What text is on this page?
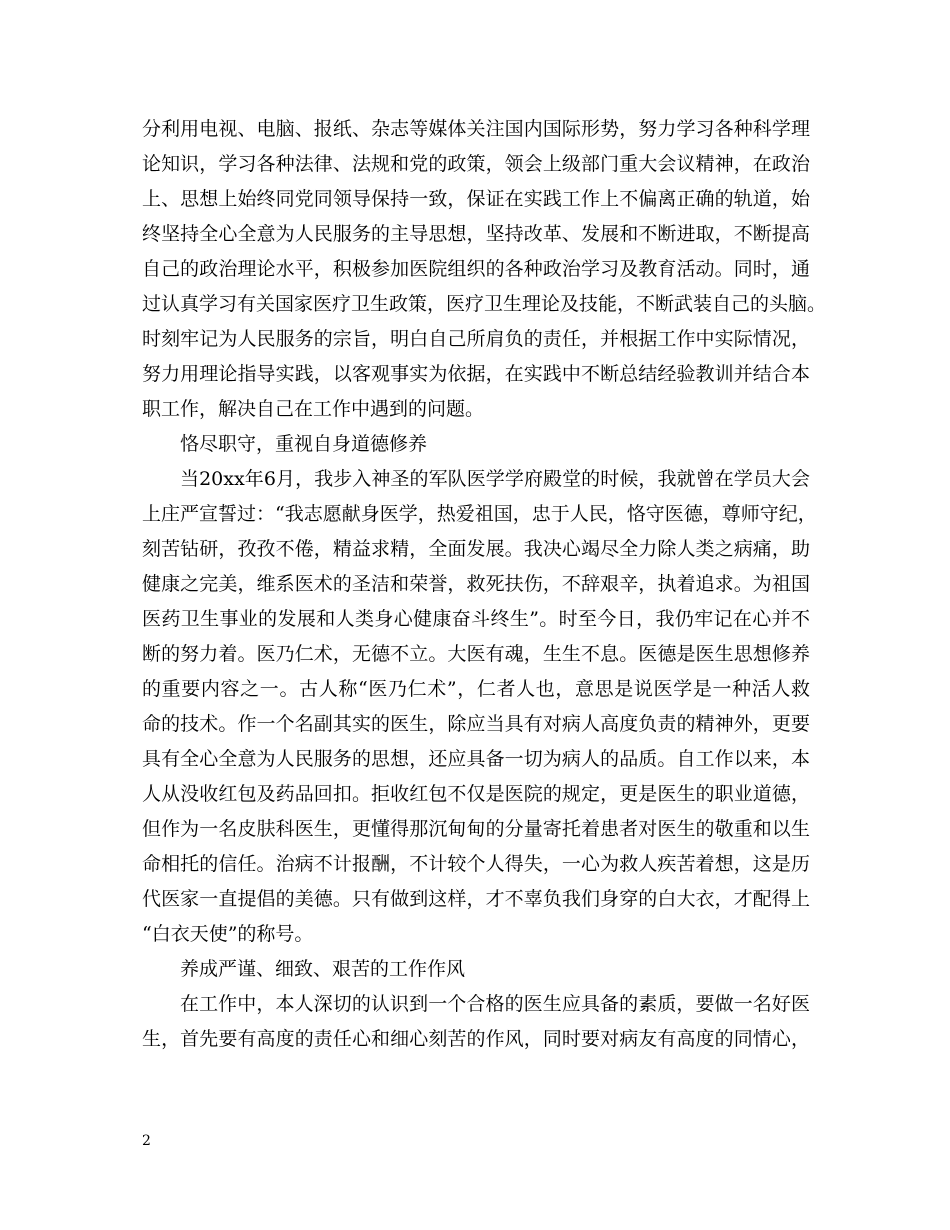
分利用电视、电脑、报纸、杂志等媒体关注国内国际形势，努力学习各种科学理
论知识，学习各种法律、法规和党的政策，领会上级部门重大会议精神，在政治
上、思想上始终同党同领导保持一致，保证在实践工作上不偏离正确的轨道，始
终坚持全心全意为人民服务的主导思想，坚持改革、发展和不断进取，不断提高
自己的政治理论水平，积极参加医院组织的各种政治学习及教育活动。同时，通
过认真学习有关国家医疗卫生政策，医疗卫生理论及技能，不断武装自己的头脑。
时刻牢记为人民服务的宗旨，明白自己所肩负的责任，并根据工作中实际情况，
努力用理论指导实践，以客观事实为依据，在实践中不断总结经验教训并结合本
职工作，解决自己在工作中遇到的问题。
恪尽职守，重视自身道德修养
当20xx年6月，我步入神圣的军队医学学府殿堂的时候，我就曾在学员大会
上庄严宣誓过：“我志愿献身医学，热爱祖国，忠于人民，恪守医德，尊师守纪，
刻苦钻研，孜孜不倦，精益求精，全面发展。我决心竭尽全力除人类之病痛，助
健康之完美，维系医术的圣洁和荣誉，救死扶伤，不辞艰辛，执着追求。为祖国
医药卫生事业的发展和人类身心健康奋斗终生”。时至今日，我仍牢记在心并不
断的努力着。医乃仁术，无德不立。大医有魂，生生不息。医德是医生思想修养
的重要内容之一。古人称“医乃仁术”，仁者人也，意思是说医学是一种活人救
命的技术。作一个名副其实的医生，除应当具有对病人高度负责的精神外，更要
具有全心全意为人民服务的思想，还应具备一切为病人的品质。自工作以来，本
人从没收红包及药品回扣。拒收红包不仅是医院的规定，更是医生的职业道德，
但作为一名皮肤科医生，更懂得那沉甸甸的分量寄托着患者对医生的敬重和以生
命相托的信任。治病不计报酬，不计较个人得失，一心为救人疾苦着想，这是历
代医家一直提倡的美德。只有做到这样，才不辜负我们身穿的白大衣，才配得上
“白衣天使”的称号。
养成严谨、细致、艰苦的工作作风
在工作中，本人深切的认识到一个合格的医生应具备的素质，要做一名好医
生，首先要有高度的责任心和细心刻苦的作风，同时要对病友有高度的同情心，
2
